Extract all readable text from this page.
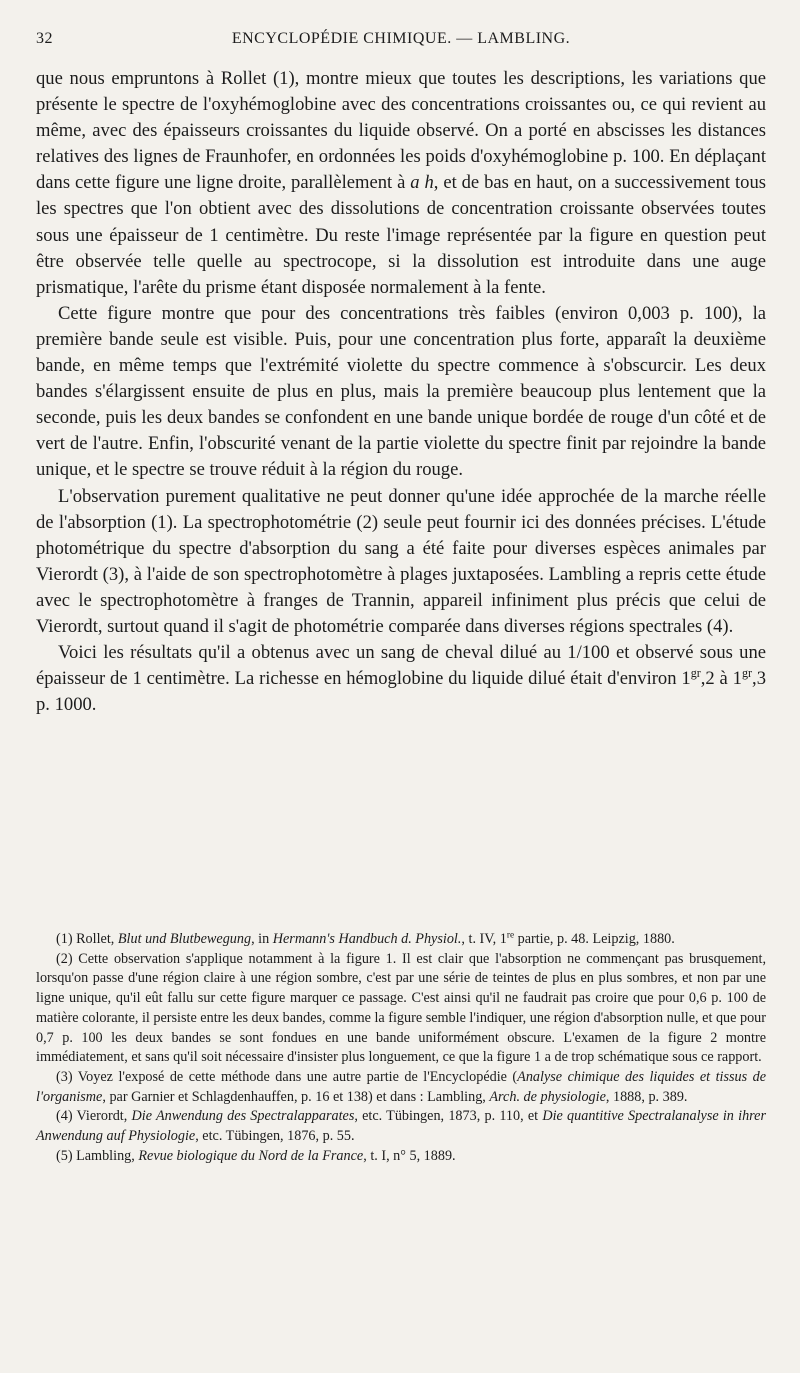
32	ENCYCLOPÉDIE CHIMIQUE. — LAMBLING.

que nous empruntons à Rollet (1), montre mieux que toutes les descriptions, les variations que présente le spectre de l'oxyhémoglobine avec des concentrations croissantes ou, ce qui revient au même, avec des épaisseurs croissantes du liquide observé. On a porté en abscisses les distances relatives des lignes de Fraunhofer, en ordonnées les poids d'oxyhémoglobine p. 100. En déplaçant dans cette figure une ligne droite, parallèlement à a h, et de bas en haut, on a successivement tous les spectres que l'on obtient avec des dissolutions de concentration croissante observées toutes sous une épaisseur de 1 centimètre. Du reste l'image représentée par la figure en question peut être observée telle quelle au spectrocope, si la dissolution est introduite dans une auge prismatique, l'arête du prisme étant disposée normalement à la fente.

Cette figure montre que pour des concentrations très faibles (environ 0,003 p. 100), la première bande seule est visible. Puis, pour une concentration plus forte, apparaît la deuxième bande, en même temps que l'extrémité violette du spectre commence à s'obscurcir. Les deux bandes s'élargissent ensuite de plus en plus, mais la première beaucoup plus lentement que la seconde, puis les deux bandes se confondent en une bande unique bordée de rouge d'un côté et de vert de l'autre. Enfin, l'obscurité venant de la partie violette du spectre finit par rejoindre la bande unique, et le spectre se trouve réduit à la région du rouge.

L'observation purement qualitative ne peut donner qu'une idée approchée de la marche réelle de l'absorption (1). La spectrophotométrie (2) seule peut fournir ici des données précises. L'étude photométrique du spectre d'absorption du sang a été faite pour diverses espèces animales par Vierordt (3), à l'aide de son spectrophotomètre à plages juxtaposées. Lambling a repris cette étude avec le spectrophotomètre à franges de Trannin, appareil infiniment plus précis que celui de Vierordt, surtout quand il s'agit de photométrie comparée dans diverses régions spectrales (4).

Voici les résultats qu'il a obtenus avec un sang de cheval dilué au 1/100 et observé sous une épaisseur de 1 centimètre. La richesse en hémoglobine du liquide dilué était d'environ $1^{gr},2$ à $1^{gr},3$ p. 1000.

(1) Rollet, Blut und Blutbewegung, in Hermann's Handbuch d. Physiol., t. IV, 1re partie, p. 48. Leipzig, 1880.

(2) Cette observation s'applique notamment à la figure 1. Il est clair que l'absorption ne commençant pas brusquement, lorsqu'on passe d'une région claire à une région sombre, c'est par une série de teintes de plus en plus sombres, et non par une ligne unique, qu'il eût fallu sur cette figure marquer ce passage. C'est ainsi qu'il ne faudrait pas croire que pour 0,6 p. 100 de matière colorante, il persiste entre les deux bandes, comme la figure semble l'indiquer, une région d'absorption nulle, et que pour 0,7 p. 100 les deux bandes se sont fondues en une bande uniformément obscure. L'examen de la figure 2 montre immédiatement, et sans qu'il soit nécessaire d'insister plus longuement, ce que la figure 1 a de trop schématique sous ce rapport.

(3) Voyez l'exposé de cette méthode dans une autre partie de l'Encyclopédie (Analyse chimique des liquides et tissus de l'organisme, par Garnier et Schlagdenhauffen, p. 16 et 138) et dans : Lambling, Arch. de physiologie, 1888, p. 389.

(4) Vierordt, Die Anwendung des Spectralapparates, etc. Tübingen, 1873, p. 110, et Die quantitive Spectralanalyse in ihrer Anwendung auf Physiologie, etc. Tübingen, 1876, p. 55.

(5) Lambling, Revue biologique du Nord de la France, t. I, n° 5, 1889.
